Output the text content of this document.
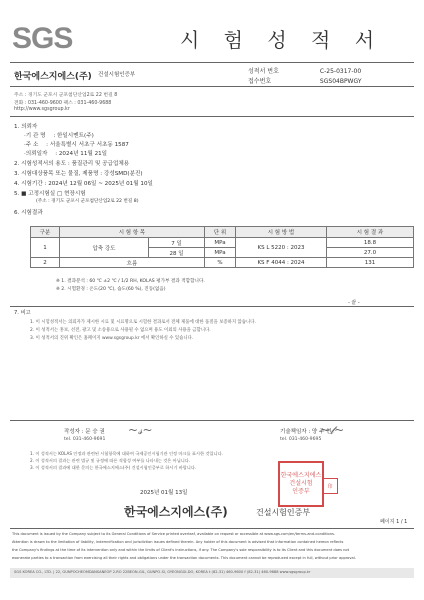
SGS	시 험 성 적 서
한국에스지에스(주) 건설시험인증부	성적서 번호	C-25-0317-00
접수번호	SGS04BPWGY
주소 : 경기도 군포시 군포첨단산업2로 22 번길 8
전화 : 031-460-9600 팩스 : 031-460-9688
http://www.sgsgroup.kr
1. 의뢰자
·기 관 명 : 한일시멘트(주)
·주 소 : 서울특별시 서초구 서초동 1587
·의뢰일자 : 2024년 11월 21일
2. 시험성적서의 용도 : 품질관리 및 공급업체용
3. 시험대상품목 또는 물질, 제품명 : 강성SMD(분진)
4. 시험기간 : 2024년 12월 06일 ~ 2025년 01월 10일
5. ■ 고정시험실 □ 현장시험
(주소 : 경기도 군포시 군포첨단산업2로 22 번길 8)
6. 시험결과
구분	시 험 항 목		단 위	시 험 방 법	시 험 결 과
1	압축 강도	7 일	MPa	KS L 5220 : 2023	18.8
		28 일	MPa		27.0
2	흐름		%	KS F 4044 : 2024	131
※ 1. 결과분석 : 60 ℃ ±2 ℃ / 1/2 RH, KOLAS 평가부 결과 적합합니다.
※ 2. 시험환경 : 온도(20 ℃), 습도(60 %), 진동(없음)
- 끝 -
7. 비고
1. 이 시험성적서는 의뢰자가 제시한 시료 및 시료명으로 시험한 결과로서 전체 제품에 대한 품질을 보증하지 않습니다.
2. 이 성적서는 홍보, 선전, 광고 및 소송용으로 사용될 수 없으며 용도 이외의 사용을 금합니다.
3. 이 성적서의 진위 확인은 홈페이지 www.sgsgroup.kr 에서 확인하실 수 있습니다.
작성자 : 문 승 권
tel. 031-460-9691
~𝓈~	기술책임자 : 양 주 현
tel. 031-460-9695
~𝓉~
1. 이 성적서는 KOLAS 인정과 관련된 시험항목에 대하여 국제공인시험기관 인정 마크를 표시한 것입니다.
2. 이 성적서의 결과는 관련 법규 및 규정에 따른 적합성 여부를 나타내는 것은 아닙니다.
3. 이 성적서의 결과에 대한 문의는 한국에스지에스(주) 건설시험인증부로 하시기 바랍니다.
2025년 01월 13일
한국에스지에스(주)	건설시험인증부
한국에스지에스
건설시험
인증부
印
페이지 1 / 1
This document is issued by the Company subject to its General Conditions of Service printed overleaf, available on request or accessible at www.sgs.com/en/terms-and-conditions.
Attention is drawn to the limitation of liability, indemnification and jurisdiction issues defined therein. Any holder of this document is advised that information contained hereon reflects
the Company's findings at the time of its intervention only and within the limits of Client's instructions, if any. The Company's sole responsibility is to its Client and this document does not
exonerate parties to a transaction from exercising all their rights and obligations under the transaction documents. This document cannot be reproduced except in full, without prior approval.
SGS KOREA CO., LTD. | 22, GUNPOCHEOMDANSANEOP 2-RO 22BEON-GIL, GUNPO-SI, GYEONGGI-DO, KOREA t (82-31) 460-9600 f (82-31) 460-9688 www.sgsgroup.kr
